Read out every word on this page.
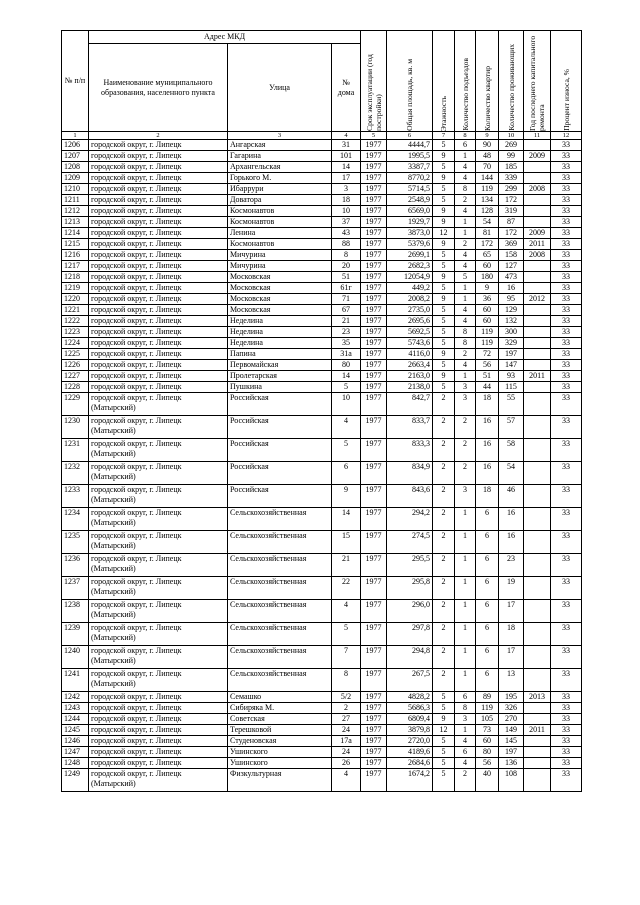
№ п/п	Адрес МКД			Срок эксплуатации (год постройки)	Общая площадь, кв. м	Этажность	Количество подъездов	Количество квартир	Количество проживающих	Год последнего капитального ремонта	Процент износа, %

	Наименование муниципального образования, населенного пункта	Улица	№ дома								
1	2	3	4	5	6	7	8	9	10	11	12
1206	городской округ, г. Липецк	Ангарская	31	1977	4444,7	5	6	90	269		33
1207	городской округ, г. Липецк	Гагарина	101	1977	1995,5	9	1	48	99	2009	33
1208	городской округ, г. Липецк	Архангельская	14	1977	3387,7	5	4	70	185		33
1209	городской округ, г. Липецк	Горького М.	17	1977	8770,2	9	4	144	339		33
1210	городской округ, г. Липецк	Ибаррури	3	1977	5714,5	5	8	119	299	2008	33
1211	городской округ, г. Липецк	Доватора	18	1977	2548,9	5	2	134	172		33
1212	городской округ, г. Липецк	Космонавтов	10	1977	6569,0	9	4	128	319		33
1213	городской округ, г. Липецк	Космонавтов	37	1977	1929,7	9	1	54	87		33
1214	городской округ, г. Липецк	Ленина	43	1977	3873,0	12	1	81	172	2009	33
1215	городской округ, г. Липецк	Космонавтов	88	1977	5379,6	9	2	172	369	2011	33
1216	городской округ, г. Липецк	Мичурина	8	1977	2699,1	5	4	65	158	2008	33
1217	городской округ, г. Липецк	Мичурина	20	1977	2682,3	5	4	60	127		33
1218	городской округ, г. Липецк	Московская	51	1977	12054,9	9	5	180	473		33
1219	городской округ, г. Липецк	Московская	61г	1977	449,2	5	1	9	16		33
1220	городской округ, г. Липецк	Московская	71	1977	2008,2	9	1	36	95	2012	33
1221	городской округ, г. Липецк	Московская	67	1977	2735,0	5	4	60	129		33
1222	городской округ, г. Липецк	Неделина	21	1977	2695,6	5	4	60	132		33
1223	городской округ, г. Липецк	Неделина	23	1977	5692,5	5	8	119	300		33
1224	городской округ, г. Липецк	Неделина	35	1977	5743,6	5	8	119	329		33
1225	городской округ, г. Липецк	Папина	31а	1977	4116,0	9	2	72	197		33
1226	городской округ, г. Липецк	Первомайская	80	1977	2663,4	5	4	56	147		33
1227	городской округ, г. Липецк	Пролетарская	14	1977	2163,0	9	1	51	93	2011	33
1228	городской округ, г. Липецк	Пушкина	5	1977	2138,0	5	3	44	115		33
1229	городской округ, г. Липецк (Матырский)	Российская	10	1977	842,7	2	3	18	55		33
1230	городской округ, г. Липецк (Матырский)	Российская	4	1977	833,7	2	2	16	57		33
1231	городской округ, г. Липецк (Матырский)	Российская	5	1977	833,3	2	2	16	58		33
1232	городской округ, г. Липецк (Матырский)	Российская	6	1977	834,9	2	2	16	54		33
1233	городской округ, г. Липецк (Матырский)	Российская	9	1977	843,6	2	3	18	46		33
1234	городской округ, г. Липецк (Матырский)	Сельскохозяйственная	14	1977	294,2	2	1	6	16		33
1235	городской округ, г. Липецк (Матырский)	Сельскохозяйственная	15	1977	274,5	2	1	6	16		33
1236	городской округ, г. Липецк (Матырский)	Сельскохозяйственная	21	1977	295,5	2	1	6	23		33
1237	городской округ, г. Липецк (Матырский)	Сельскохозяйственная	22	1977	295,8	2	1	6	19		33
1238	городской округ, г. Липецк (Матырский)	Сельскохозяйственная	4	1977	296,0	2	1	6	17		33
1239	городской округ, г. Липецк (Матырский)	Сельскохозяйственная	5	1977	297,8	2	1	6	18		33
1240	городской округ, г. Липецк (Матырский)	Сельскохозяйственная	7	1977	294,8	2	1	6	17		33
1241	городской округ, г. Липецк (Матырский)	Сельскохозяйственная	8	1977	267,5	2	1	6	13		33
1242	городской округ, г. Липецк	Семашко	5/2	1977	4828,2	5	6	89	195	2013	33
1243	городской округ, г. Липецк	Сибиряка М.	2	1977	5686,3	5	8	119	326		33
1244	городской округ, г. Липецк	Советская	27	1977	6809,4	9	3	105	270		33
1245	городской округ, г. Липецк	Терешковой	24	1977	3879,8	12	1	73	149	2011	33
1246	городской округ, г. Липецк	Студеновская	17а	1977	2720,0	5	4	60	145		33
1247	городской округ, г. Липецк	Ушинского	24	1977	4189,6	5	6	80	197		33
1248	городской округ, г. Липецк	Ушинского	26	1977	2684,6	5	4	56	136		33
1249	городской округ, г. Липецк (Матырский)	Физкультурная	4	1977	1674,2	5	2	40	108		33
